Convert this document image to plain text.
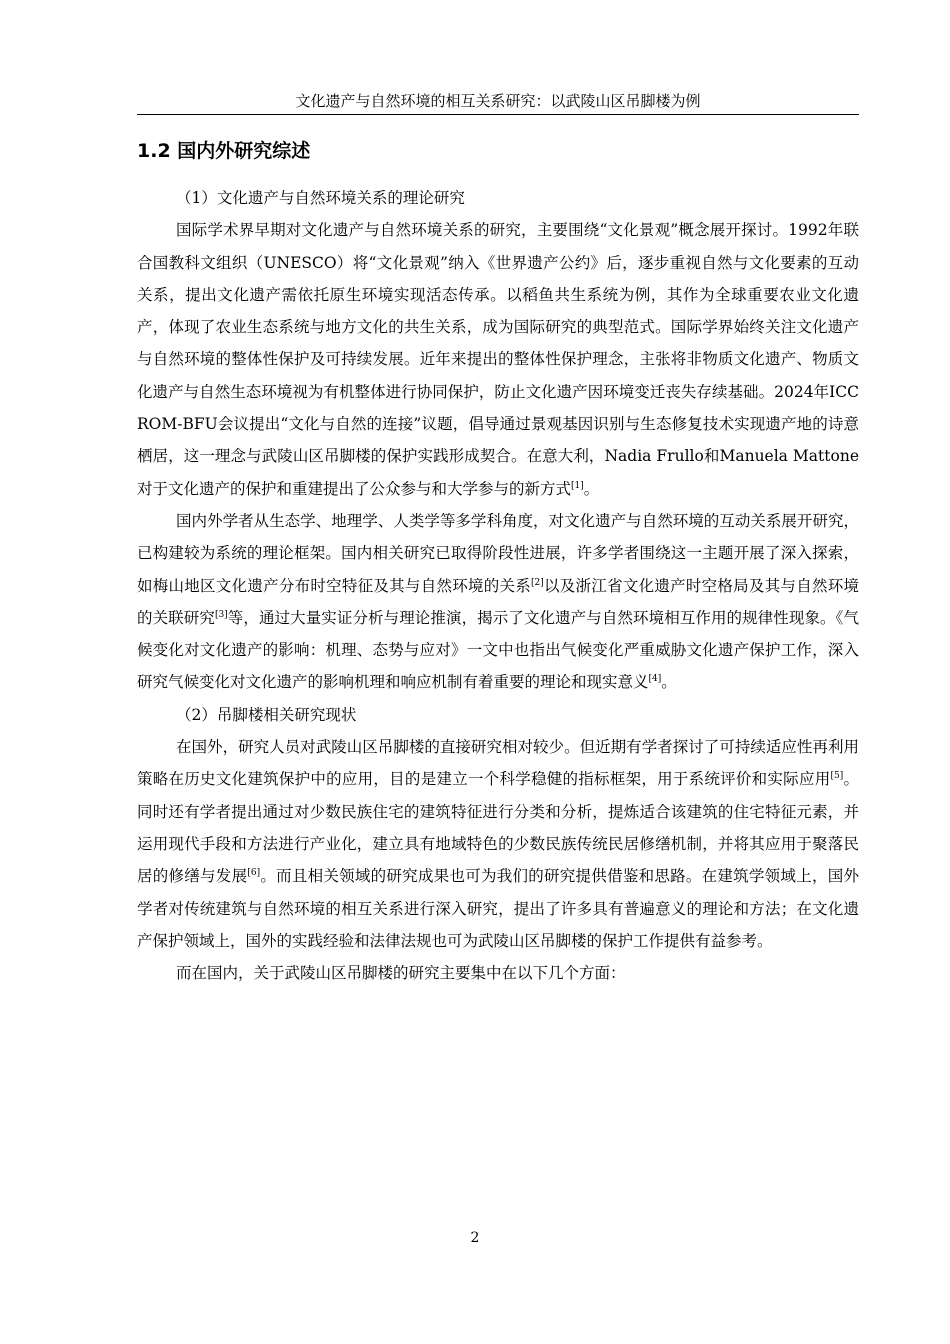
文化遗产与自然环境的相互关系研究：以武陵山区吊脚楼为例
1.2 国内外研究综述

（1）文化遗产与自然环境关系的理论研究

国际学术界早期对文化遗产与自然环境关系的研究，主要围绕“文化景观”概念展开探讨。1992年联合国教科文组织（UNESCO）将“文化景观”纳入《世界遗产公约》后，逐步重视自然与文化要素的互动关系，提出文化遗产需依托原生环境实现活态传承。以稻鱼共生系统为例，其作为全球重要农业文化遗产，体现了农业生态系统与地方文化的共生关系，成为国际研究的典型范式。国际学界始终关注文化遗产与自然环境的整体性保护及可持续发展。近年来提出的整体性保护理念，主张将非物质文化遗产、物质文化遗产与自然生态环境视为有机整体进行协同保护，防止文化遗产因环境变迁丧失存续基础。2024年ICCROM-BFU会议提出“文化与自然的连接”议题，倡导通过景观基因识别与生态修复技术实现遗产地的诗意栖居，这一理念与武陵山区吊脚楼的保护实践形成契合。在意大利，Nadia Frullo和Manuela Mattone对于文化遗产的保护和重建提出了公众参与和大学参与的新方式[1]。

国内外学者从生态学、地理学、人类学等多学科角度，对文化遗产与自然环境的互动关系展开研究，已构建较为系统的理论框架。国内相关研究已取得阶段性进展，许多学者围绕这一主题开展了深入探索，如梅山地区文化遗产分布时空特征及其与自然环境的关系[2]以及浙江省文化遗产时空格局及其与自然环境的关联研究[3]等，通过大量实证分析与理论推演，揭示了文化遗产与自然环境相互作用的规律性现象。《气候变化对文化遗产的影响：机理、态势与应对》一文中也指出气候变化严重威胁文化遗产保护工作，深入研究气候变化对文化遗产的影响机理和响应机制有着重要的理论和现实意义[4]。

（2）吊脚楼相关研究现状

在国外，研究人员对武陵山区吊脚楼的直接研究相对较少。但近期有学者探讨了可持续适应性再利用策略在历史文化建筑保护中的应用，目的是建立一个科学稳健的指标框架，用于系统评价和实际应用[5]。同时还有学者提出通过对少数民族住宅的建筑特征进行分类和分析，提炼适合该建筑的住宅特征元素，并运用现代手段和方法进行产业化，建立具有地域特色的少数民族传统民居修缮机制，并将其应用于聚落民居的修缮与发展[6]。而且相关领域的研究成果也可为我们的研究提供借鉴和思路。在建筑学领域上，国外学者对传统建筑与自然环境的相互关系进行深入研究，提出了许多具有普遍意义的理论和方法；在文化遗产保护领域上，国外的实践经验和法律法规也可为武陵山区吊脚楼的保护工作提供有益参考。

而在国内，关于武陵山区吊脚楼的研究主要集中在以下几个方面：

2
